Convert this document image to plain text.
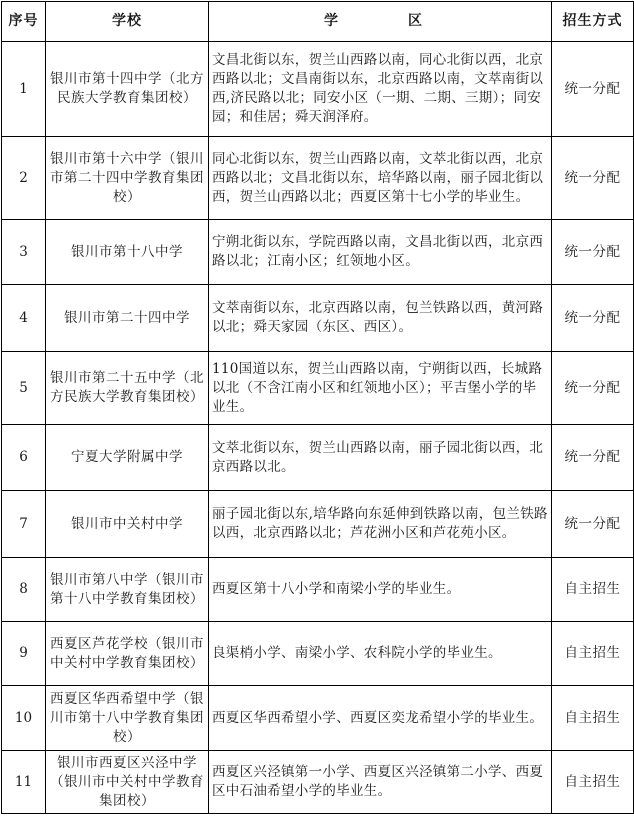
序号	学校	学　　区	招生方式
1	银川市第十四中学（北方民族大学教育集团校）	文昌北街以东，贺兰山西路以南，同心北街以西，北京西路以北；文昌南街以东，北京西路以南，文萃南街以西,济民路以北；同安小区（一期、二期、三期）；同安园；和佳居；舜天润泽府。	统一分配
2	银川市第十六中学（银川市第二十四中学教育集团校）	同心北街以东，贺兰山西路以南，文萃北街以西，北京西路以北；文昌北街以东，培华路以南，丽子园北街以西，贺兰山西路以北；西夏区第十七小学的毕业生。	统一分配
3	银川市第十八中学	宁朔北街以东，学院西路以南，文昌北街以西，北京西路以北；江南小区；红领地小区。	统一分配
4	银川市第二十四中学	文萃南街以东，北京西路以南，包兰铁路以西，黄河路以北；舜天家园（东区、西区）。	统一分配
5	银川市第二十五中学（北方民族大学教育集团校）	110国道以东，贺兰山西路以南，宁朔街以西，长城路以北（不含江南小区和红领地小区）；平吉堡小学的毕业生。	统一分配
6	宁夏大学附属中学	文萃北街以东，贺兰山西路以南，丽子园北街以西，北京西路以北。	统一分配
7	银川市中关村中学	丽子园北街以东,培华路向东延伸到铁路以南，包兰铁路以西，北京西路以北；芦花洲小区和芦花苑小区。	统一分配
8	银川市第八中学（银川市第十八中学教育集团校）	西夏区第十八小学和南梁小学的毕业生。	自主招生
9	西夏区芦花学校（银川市中关村中学教育集团校）	良渠梢小学、南梁小学、农科院小学的毕业生。	自主招生
10	西夏区华西希望中学（银川市第十八中学教育集团校）	西夏区华西希望小学、西夏区奕龙希望小学的毕业生。	自主招生
11	银川市西夏区兴泾中学（银川市中关村中学教育集团校）	西夏区兴泾镇第一小学、西夏区兴泾镇第二小学、西夏区中石油希望小学的毕业生。	自主招生
